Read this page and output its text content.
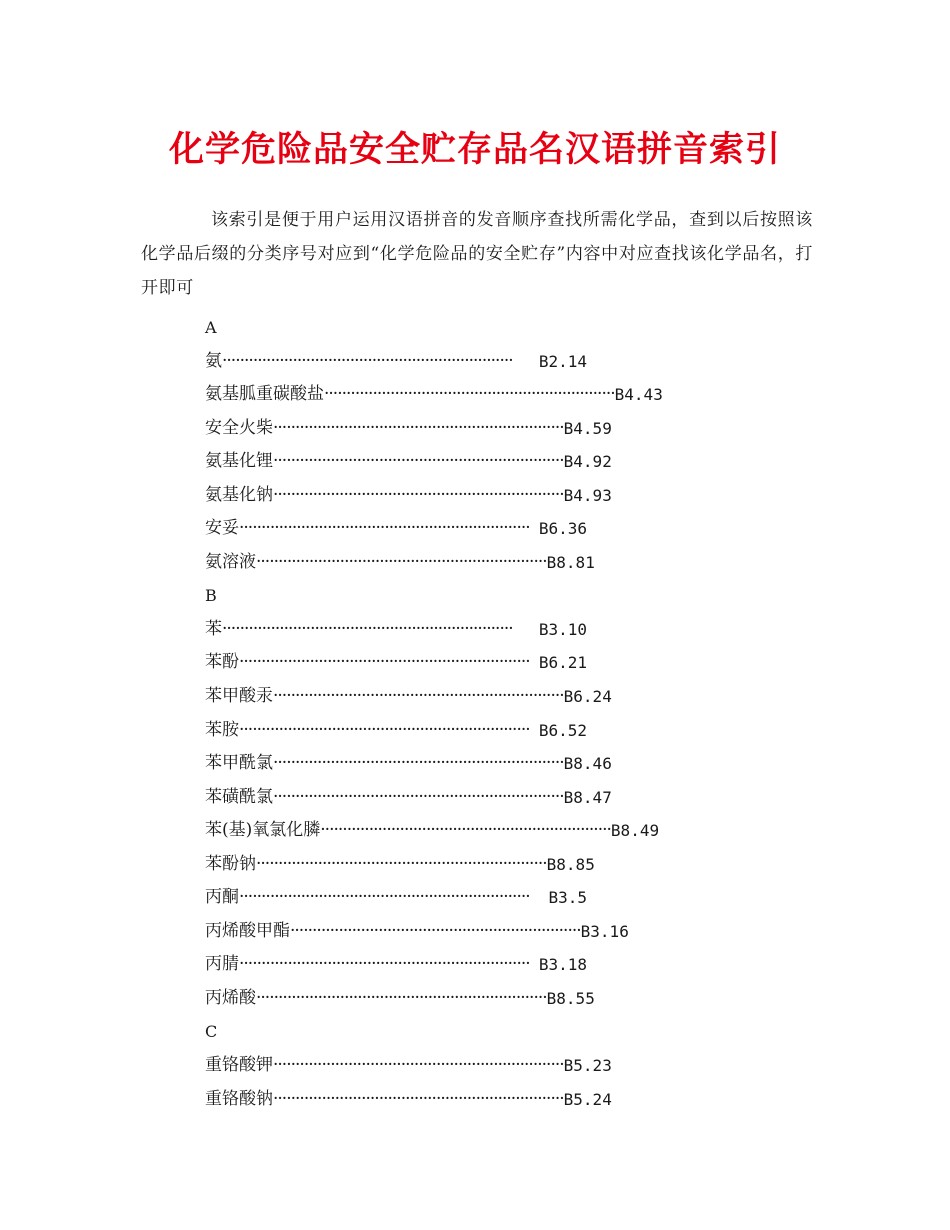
化学危险品安全贮存品名汉语拼音索引

该索引是便于用户运用汉语拼音的发音顺序查找所需化学品，查到以后按照该化学品后缀的分类序号对应到“化学危险品的安全贮存”内容中对应查找该化学品名，打开即可

A
氨 ··································································	B2.14
氨基胍重碳酸盐 ·································································· B4.43
安全火柴 ·································································· B4.59
氨基化锂 ·································································· B4.92
氨基化钠 ·································································· B4.93
安妥 ·································································· B6.36
氨溶液 ·································································· B8.81
B
苯 ··································································	B3.10
苯酚 ·································································· B6.21
苯甲酸汞 ·································································· B6.24
苯胺 ·································································· B6.52
苯甲酰氯 ·································································· B8.46
苯磺酰氯 ·································································· B8.47
苯(基)氧氯化膦 ·································································· B8.49
苯酚钠 ·································································· B8.85
丙酮 ··································································	B3.5
丙烯酸甲酯 ·································································· B3.16
丙腈 ·································································· B3.18
丙烯酸 ·································································· B8.55
C
重铬酸钾 ·································································· B5.23
重铬酸钠 ·································································· B5.24
